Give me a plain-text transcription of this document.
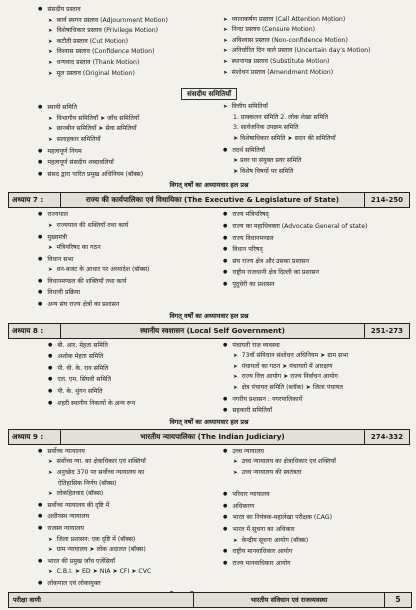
● संसदीय प्रस्ताव
➤ कार्य स्थगन प्रस्ताव (Adjournment Motion)
➤ विशेषाधिकार प्रस्ताव (Privilege Motion)
➤ कटौती प्रस्ताव (Cut Motion)
➤ विश्वास प्रस्ताव (Confidence Motion)
➤ धन्यवाद प्रस्ताव (Thank Motion)
➤ मूल प्रस्ताव (Original Motion)

➤ ध्यानाकर्षण प्रस्ताव (Call Attention Motion)
➤ निन्दा प्रस्ताव (Censure Motion)
➤ अविश्वास प्रस्ताव (Non-confidence Motion)
➤ अनिर्धारित दिन वाले प्रस्ताव (Uncertain day's Motion)
➤ स्थानापन्न प्रस्ताव (Substitute Motion)
➤ संशोधन प्रस्ताव (Amendment Motion)
संसदीय समितियाँ
● स्थायी समिति
➤ विभागीय समितियाँ ➤ जाँच समितियाँ
➤ छानबीन समितियाँ ➤ सेवा समितियाँ
➤ सलाहकार समितियाँ
● महत्वपूर्ण नियम
● महत्वपूर्ण संसदीय शब्दावलियाँ
● संसद द्वारा पारित प्रमुख अधिनियम (बॉक्स)
➤ वित्तीय समितियाँ
1. प्राक्कलन समिति 2. लोक लेखा समिति
3. सार्वजनिक उपक्रम समिति
➤ विशेषाधिकार समिति ➤ सदन की समितियाँ
● तदर्थ समितियाँ
➤ प्रवर या संयुक्त प्रवर समिति
➤ विशेष विषयों पर समिति
विगत् वर्षों का अध्यायवार हल प्रश्न
अध्याय 7 :	राज्य की कार्यपालिका एवं विधायिका (The Executive & Legislature of State)	214-250
● राज्यपाल
➤ राज्यपाल की शक्तियाँ तथा कार्य
● मुख्यमंत्री
➤ मंत्रिपरिषद का गठन
● विधान सभा
➤ धन-बजट के आधार पर अध्यादेश (बॉक्स)
● विधानमण्डल की शक्तियाँ तथा कार्य
● विधायी प्रक्रिया
● अन्य संघ राज्य क्षेत्रों का प्रशासन
● राज्य मंत्रिपरिषद्
● राज्य का महाधिवक्ता (Advocate General of state)
● राज्य विधानमण्डल
● विधान परिषद्
● संघ राज्य क्षेत्र और उसका प्रशासन
● राष्ट्रीय राजधानी क्षेत्र दिल्ली का प्रशासन
● पुदुचेरी का प्रशासन
विगत् वर्षों का अध्यायवार हल प्रश्न
अध्याय 8 :	स्थानीय स्वशासन (Local Self Government)	251-273
● बी. आर. मेहता समिति
● अशोक मेहता समिति
● पी. वी. के. राव समिति
● एल. एम. सिंघवी समिति
● पी. के. थुंगन समिति
● शहरी स्थानीय निकायों के अन्य रूप
● पंचायती राज व्यवस्था
➤ 73वाँ संविधान संशोधन अधिनियम ➤ ग्राम सभा
➤ पंचायतों का गठन ➤ पंचायतों में आरक्षण
➤ राज्य वित्त आयोग ➤ राज्य निर्वाचन आयोग
➤ क्षेत्र पंचायत समिति (ब्लॉक) ➤ जिला पंचायत
● नगरीय प्रशासन : नगरपालिकायें
● सहकारी समितियाँ
विगत् वर्षों का अध्यायवार हल प्रश्न
अध्याय 9 :	भारतीय न्यायपालिका (The Indian Judiciary)	274-332
● सर्वोच्च न्यायालय
➤ सर्वोच्च न्या. का क्षेत्राधिकार एवं शक्तियाँ
➤ अनुच्छेद 370 पर सर्वोच्च न्यायालय का
ऐतिहासिक निर्णय (बॉक्स)
➤ लोकहितवाद (बॉक्स)
● सर्वोच्च न्यायालय की दृष्टि में
● अधीनस्थ न्यायालय
● राजस्व न्यायालय
➤ जिला प्रशासन: एक दृष्टि में (बॉक्स)
➤ ग्राम न्यायालय ➤ लोक अदालत (बॉक्स)
● भारत की प्रमुख जाँच एजेंसियाँ
➤ C.B.I. ➤ ED ➤ NIA ➤ CFI ➤ CVC
● लोकपाल एवं लोकायुक्त
● उच्च न्यायालय
➤ उच्च न्यायालय का क्षेत्राधिकार एवं शक्तियाँ
➤ उच्च न्यायालय की स्वतंत्रता

● परिवार न्यायालय
● अधिकरण
● भारत का नियंत्रक-महालेखा परीक्षक (CAG)
● भारत में सूचना का अधिकार
➤ केन्द्रीय सूचना आयोग (बॉक्स)
● राष्ट्रीय मानवाधिकार आयोग
● राज्य मानवाधिकार आयोग
परीक्षा वाणी	भारतीय संविधान एवं राजव्यवस्था	5
